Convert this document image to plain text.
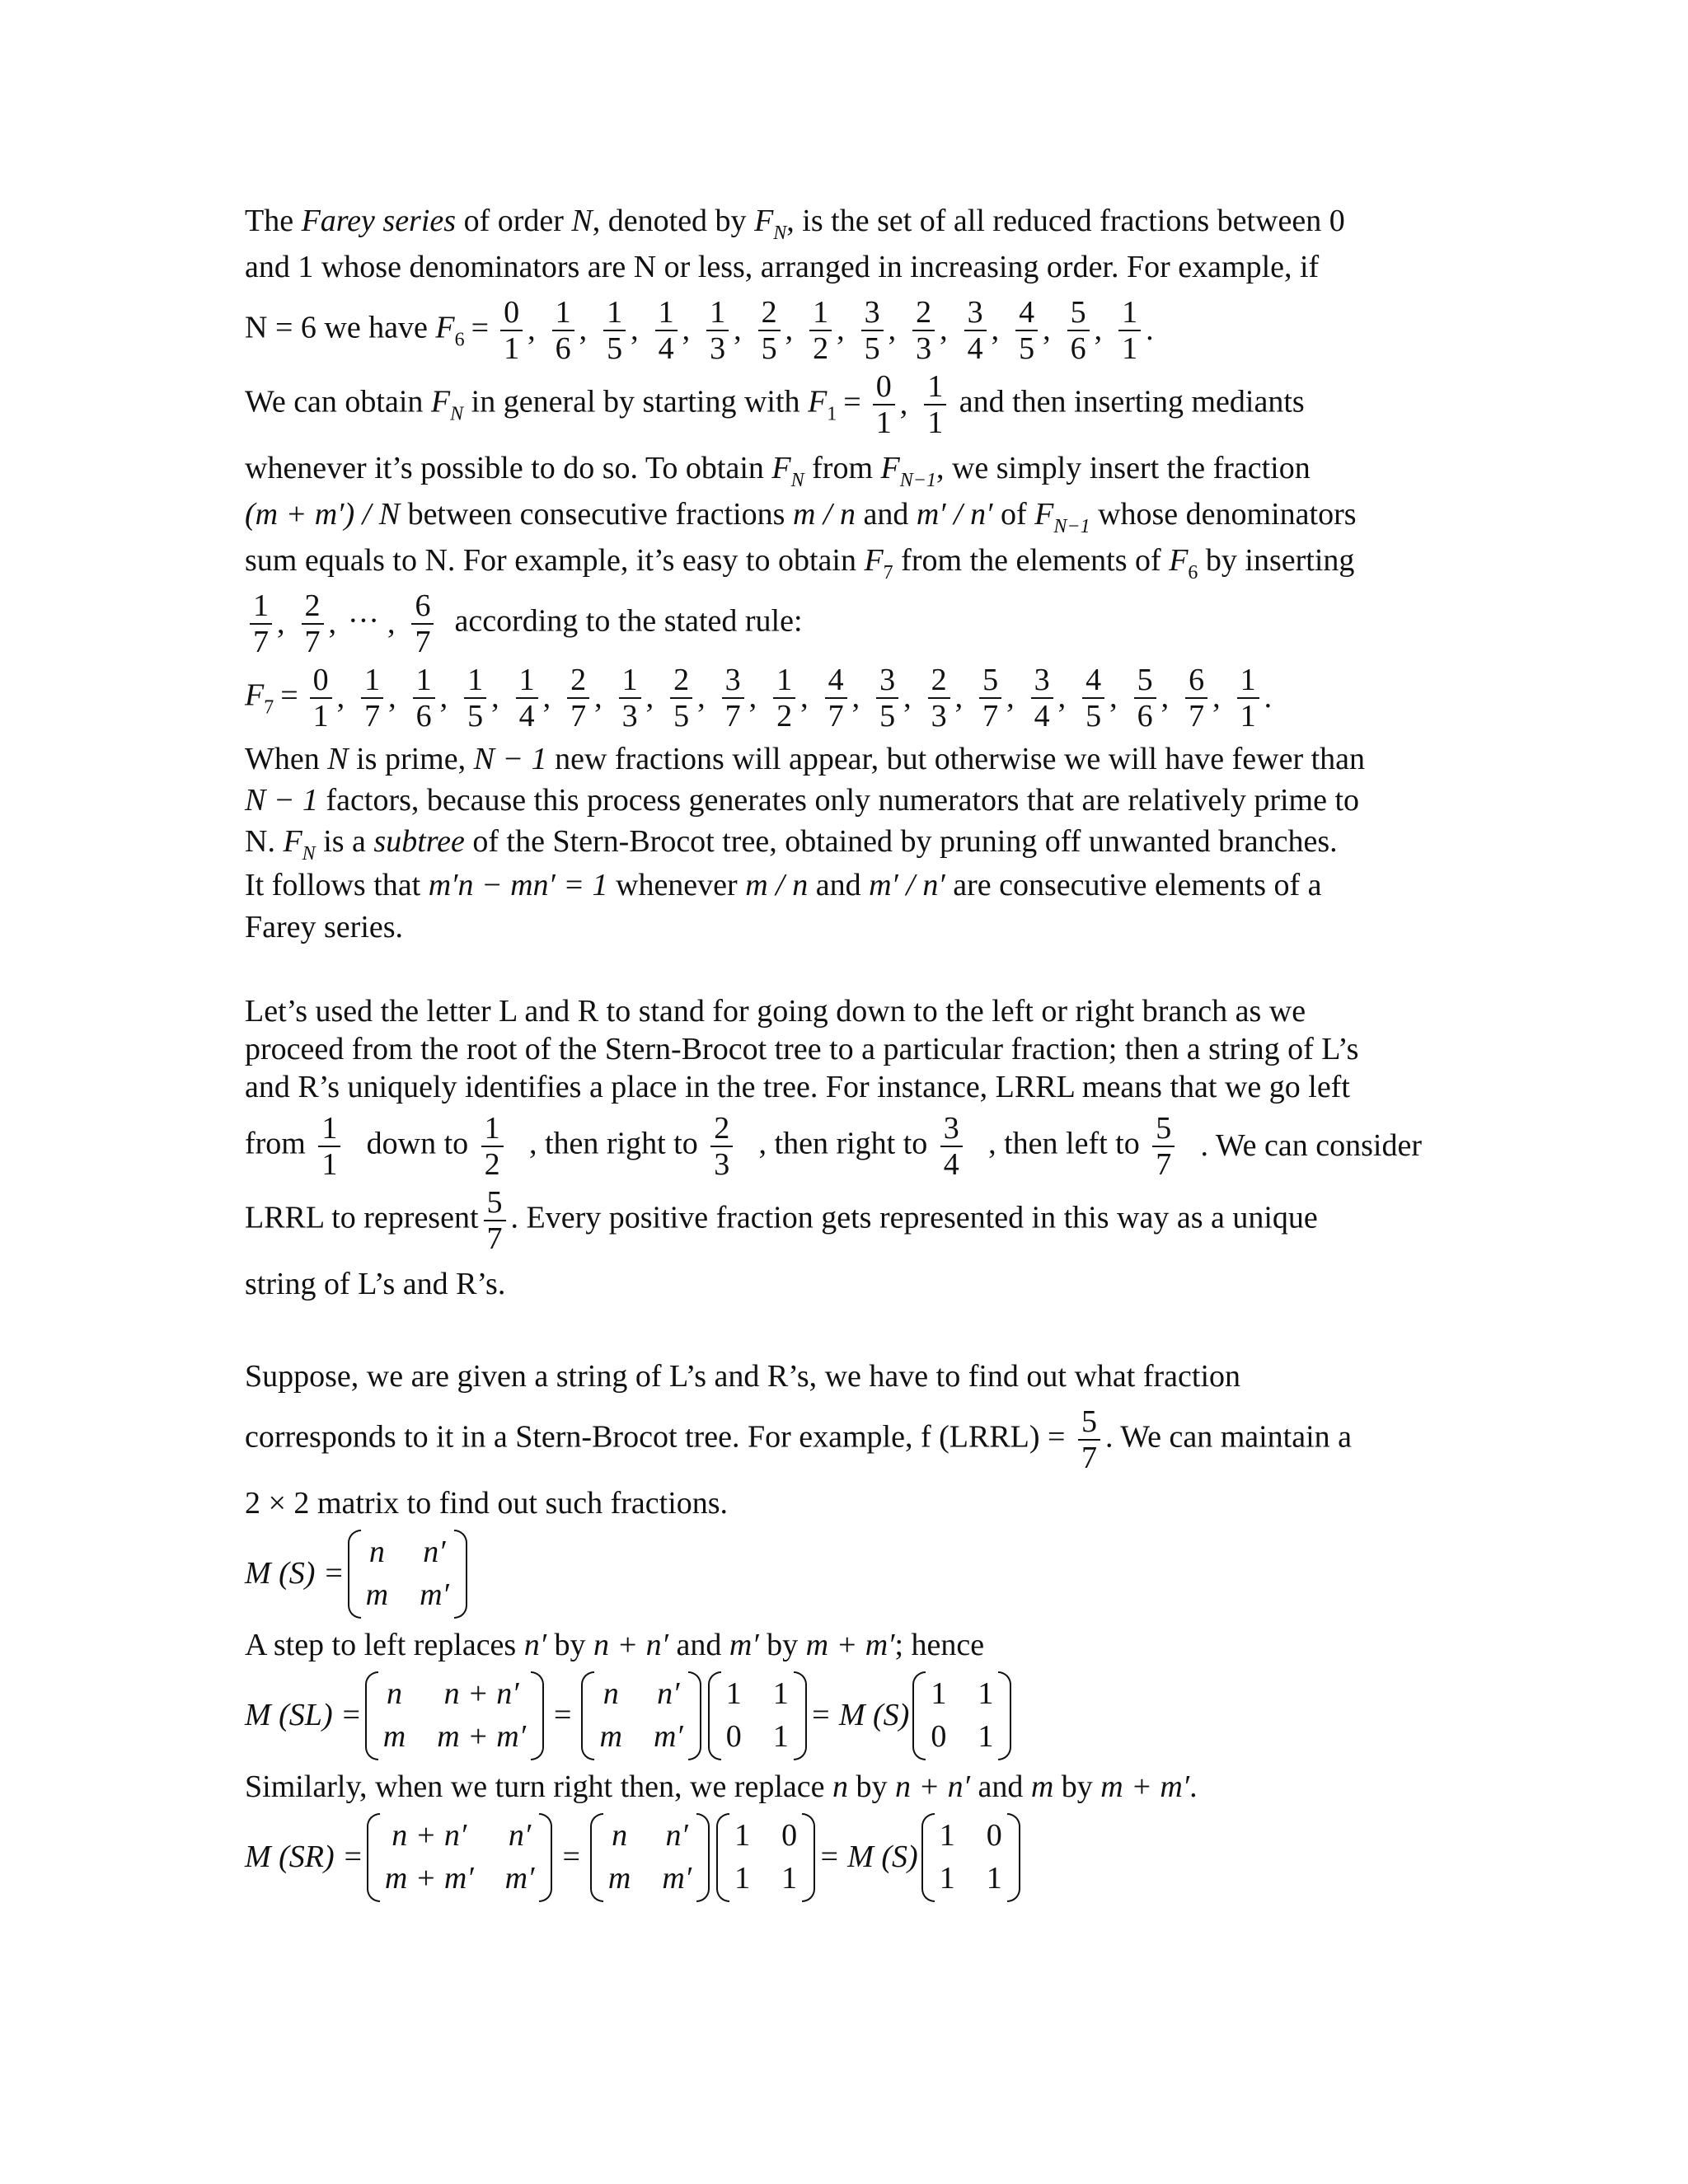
The Farey series of order N, denoted by $F_N$, is the set of all reduced fractions between 0

and 1 whose denominators are N or less, arranged in increasing order. For example, if

N = 6 we have $F_6 = \frac{0}{1}$ , $\frac{1}{6}$ , $\frac{1}{5}$ , $\frac{1}{4}$ , $\frac{1}{3}$ , $\frac{2}{5}$ , $\frac{1}{2}$ , $\frac{3}{5}$ , $\frac{2}{3}$ , $\frac{3}{4}$ , $\frac{4}{5}$ , $\frac{5}{6}$ , $\frac{1}{1}$ .
We can obtain $F_N$ in general by starting with $F_1 = \frac{0}{1}$ , $\frac{1}{1}$ and then inserting mediants

whenever it’s possible to do so. To obtain $F_N$ from $F_{N-1}$, we simply insert the fraction

(m + m′) / N between consecutive fractions m / n and m′ / n′ of $F_{N-1}$ whose denominators

sum equals to N. For example, it’s easy to obtain $F_7$ from the elements of $F_6$ by inserting

$\frac{1}{7}$ , $\frac{2}{7}$ , ··· , $\frac{6}{7}$ according to the stated rule:
$F_7 = \frac{0}{1}$ , $\frac{1}{7}$ , $\frac{1}{6}$ , $\frac{1}{5}$ , $\frac{1}{4}$ , $\frac{2}{7}$ , $\frac{1}{3}$ , $\frac{2}{5}$ , $\frac{3}{7}$ , $\frac{1}{2}$ , $\frac{4}{7}$ , $\frac{3}{5}$ , $\frac{2}{3}$ , $\frac{5}{7}$ , $\frac{3}{4}$ , $\frac{4}{5}$ , $\frac{5}{6}$ , $\frac{6}{7}$ , $\frac{1}{1}$ .

When N is prime, N − 1 new fractions will appear, but otherwise we will have fewer than

N − 1 factors, because this process generates only numerators that are relatively prime to

N. $F_N$ is a subtree of the Stern-Brocot tree, obtained by pruning off unwanted branches.

It follows that m′n − mn′ = 1 whenever m / n and m′ / n′ are consecutive elements of a

Farey series.

Let’s used the letter L and R to stand for going down to the left or right branch as we

proceed from the root of the Stern-Brocot tree to a particular fraction; then a string of L’s

and R’s uniquely identifies a place in the tree. For instance, LRRL means that we go left

from $\frac{1}{1}$ down to $\frac{1}{2}$ , then right to $\frac{2}{3}$ , then right to $\frac{3}{4}$ , then left to $\frac{5}{7}$ . We can consider
LRRL to represent $\frac{5}{7}$ . Every positive fraction gets represented in this way as a unique

string of L’s and R’s.

Suppose, we are given a string of L’s and R’s, we have to find out what fraction

corresponds to it in a Stern-Brocot tree. For example, f (LRRL) = $\frac{5}{7}$ . We can maintain a

2 × 2 matrix to find out such fractions.

M (S) =
n n′
m m′

A step to left replaces n′ by n + n′ and m′ by m + m′; hence

M (SL) =
n n + n′
m m + m′
=
n n′
m m′
1 1
0 1
= M (S)
1 1
0 1

Similarly, when we turn right then, we replace n by n + n′ and m by m + m′.

M (SR) =
n + n′ n′
m + m′ m′
=
n n′
m m′
1 0
1 1
= M (S)
1 0
1 1
